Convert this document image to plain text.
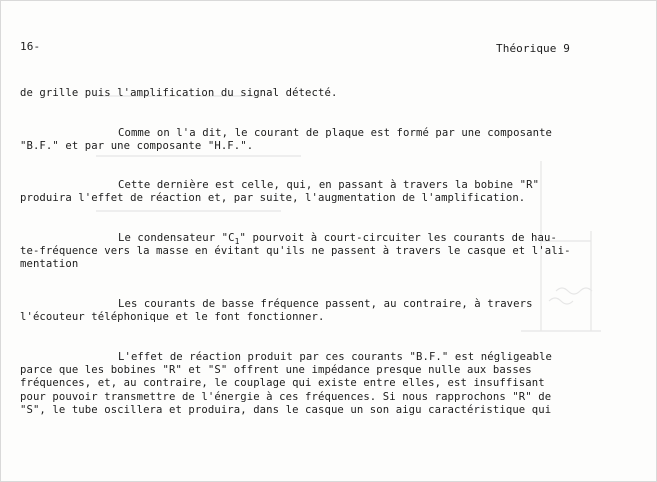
16-	Théorique 9
de grille puis l'amplification du signal détecté.
Comme on l'a dit, le courant de plaque est formé par une composante
"B.F." et par une composante "H.F.".
Cette dernière est celle, qui, en passant à travers la bobine "R"
produira l'effet de réaction et, par suite, l'augmentation de l'amplification.
Le condensateur "$C_1$" pourvoit à court-circuiter les courants de hau-
te-fréquence vers la masse en évitant qu'ils ne passent à travers le casque et l'ali-
mentation
Les courants de basse fréquence passent, au contraire, à travers
l'écouteur téléphonique et le font fonctionner.
L'effet de réaction produit par ces courants "B.F." est négligeable
parce que les bobines "R" et "S" offrent une impédance presque nulle aux basses
fréquences, et, au contraire, le couplage qui existe entre elles, est insuffisant
pour pouvoir transmettre de l'énergie à ces fréquences. Si nous rapprochons "R" de
"S", le tube oscillera et produira, dans le casque un son aigu caractéristique qui
